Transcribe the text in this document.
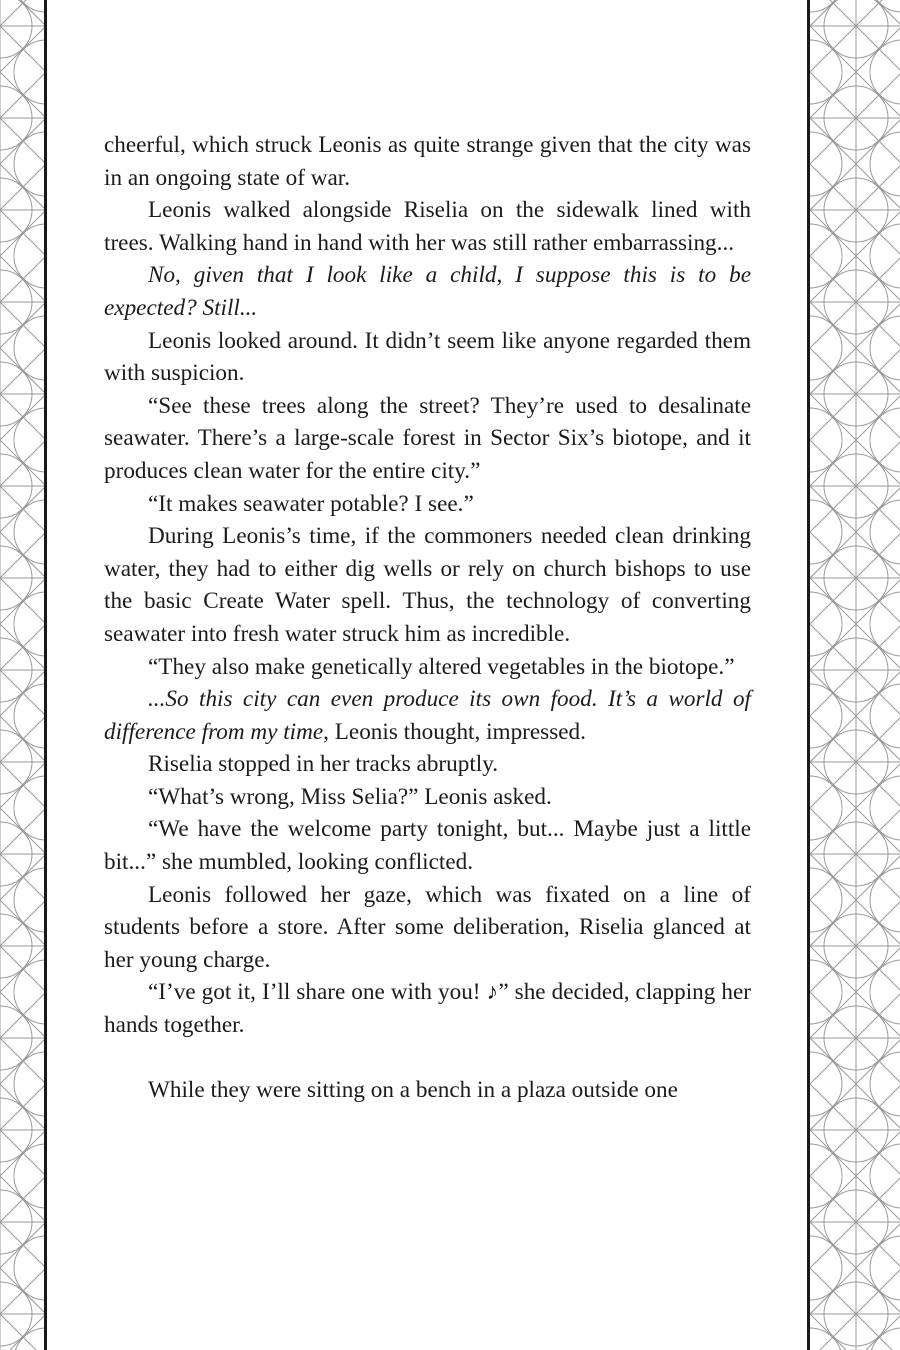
cheerful, which struck Leonis as quite strange given that the city was in an ongoing state of war.

Leonis walked alongside Riselia on the sidewalk lined with trees. Walking hand in hand with her was still rather embarrassing...

No, given that I look like a child, I suppose this is to be expected? Still...

Leonis looked around. It didn’t seem like anyone regarded them with suspicion.

“See these trees along the street? They’re used to desalinate seawater. There’s a large-scale forest in Sector Six’s biotope, and it produces clean water for the entire city.”

“It makes seawater potable? I see.”

During Leonis’s time, if the commoners needed clean drinking water, they had to either dig wells or rely on church bishops to use the basic Create Water spell. Thus, the technology of converting seawater into fresh water struck him as incredible.

“They also make genetically altered vegetables in the biotope.”

...So this city can even produce its own food. It’s a world of difference from my time, Leonis thought, impressed.

Riselia stopped in her tracks abruptly.

“What’s wrong, Miss Selia?” Leonis asked.

“We have the welcome party tonight, but... Maybe just a little bit...” she mumbled, looking conflicted.

Leonis followed her gaze, which was fixated on a line of students before a store. After some deliberation, Riselia glanced at her young charge.

“I’ve got it, I’ll share one with you! ♪” she decided, clapping her hands together.

While they were sitting on a bench in a plaza outside one
